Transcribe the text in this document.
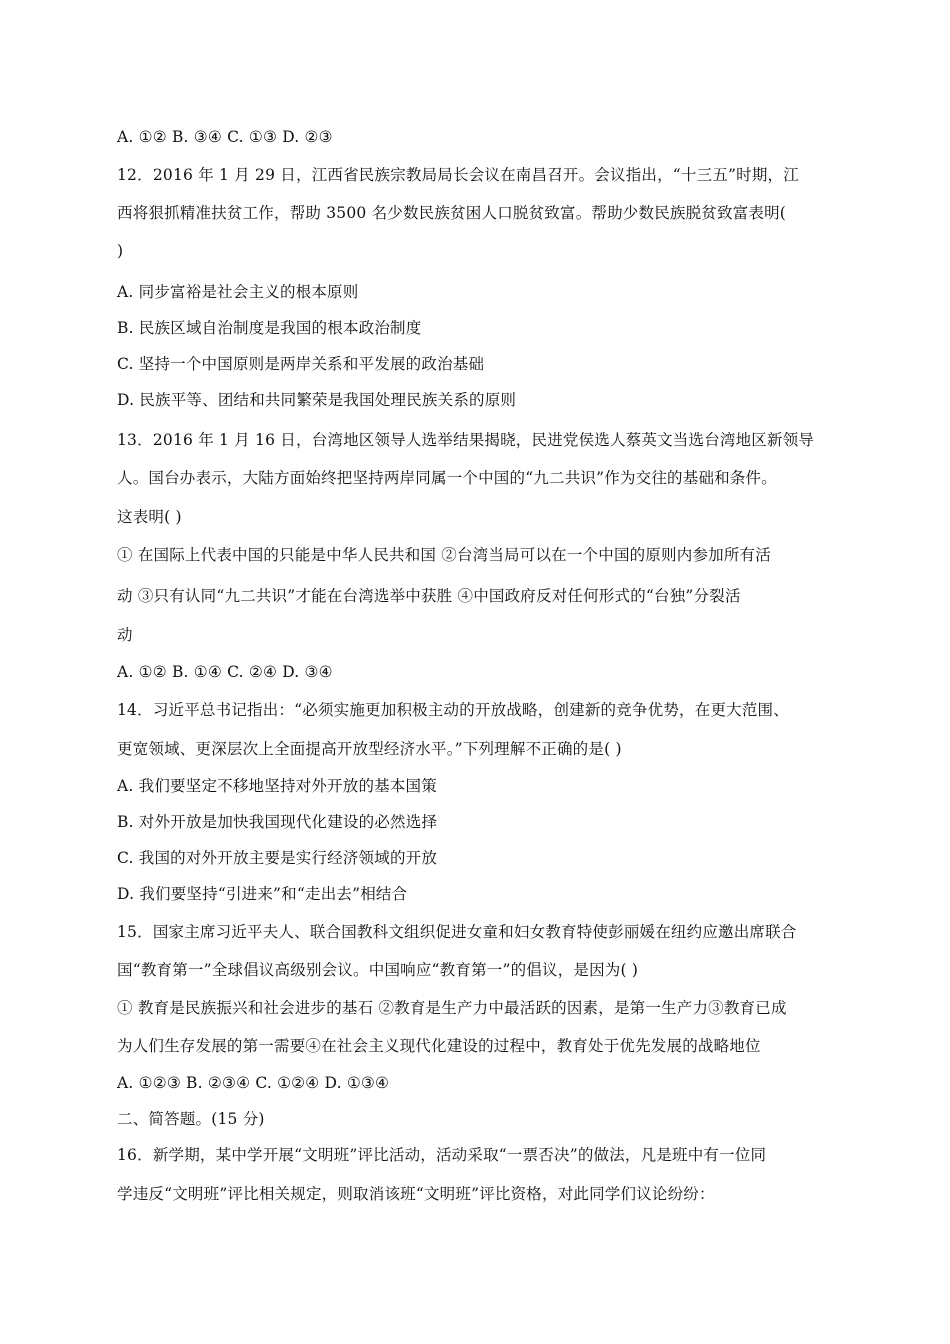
A. ①② B. ③④ C. ①③ D. ②③
12．2016 年 1 月 29 日，江西省民族宗教局局长会议在南昌召开。会议指出，“十三五”时期，江
西将狠抓精准扶贫工作，帮助 3500 名少数民族贫困人口脱贫致富。帮助少数民族脱贫致富表明(
)
A. 同步富裕是社会主义的根本原则
B. 民族区域自治制度是我国的根本政治制度
C. 坚持一个中国原则是两岸关系和平发展的政治基础
D. 民族平等、团结和共同繁荣是我国处理民族关系的原则
13．2016 年 1 月 16 日，台湾地区领导人选举结果揭晓，民进党侯选人蔡英文当选台湾地区新领导
人。国台办表示，大陆方面始终把坚持两岸同属一个中国的“九二共识”作为交往的基础和条件。
这表明( )
① 在国际上代表中国的只能是中华人民共和国 ②台湾当局可以在一个中国的原则内参加所有活
动 ③只有认同“九二共识”才能在台湾选举中获胜 ④中国政府反对任何形式的“台独”分裂活
动
A. ①② B. ①④ C. ②④ D. ③④
14．习近平总书记指出：“必须实施更加积极主动的开放战略，创建新的竞争优势，在更大范围、
更宽领域、更深层次上全面提高开放型经济水平。”下列理解不正确的是( )
A. 我们要坚定不移地坚持对外开放的基本国策
B. 对外开放是加快我国现代化建设的必然选择
C. 我国的对外开放主要是实行经济领域的开放
D. 我们要坚持“引进来”和“走出去”相结合
15．国家主席习近平夫人、联合国教科文组织促进女童和妇女教育特使彭丽媛在纽约应邀出席联合
国“教育第一”全球倡议高级别会议。中国响应“教育第一”的倡议，是因为( )
① 教育是民族振兴和社会进步的基石 ②教育是生产力中最活跃的因素，是第一生产力③教育已成
为人们生存发展的第一需要④在社会主义现代化建设的过程中，教育处于优先发展的战略地位
A. ①②③ B. ②③④ C. ①②④ D. ①③④
二、简答题。(15 分)
16．新学期，某中学开展“文明班”评比活动，活动采取“一票否决”的做法，凡是班中有一位同
学违反“文明班”评比相关规定，则取消该班“文明班”评比资格，对此同学们议论纷纷：
